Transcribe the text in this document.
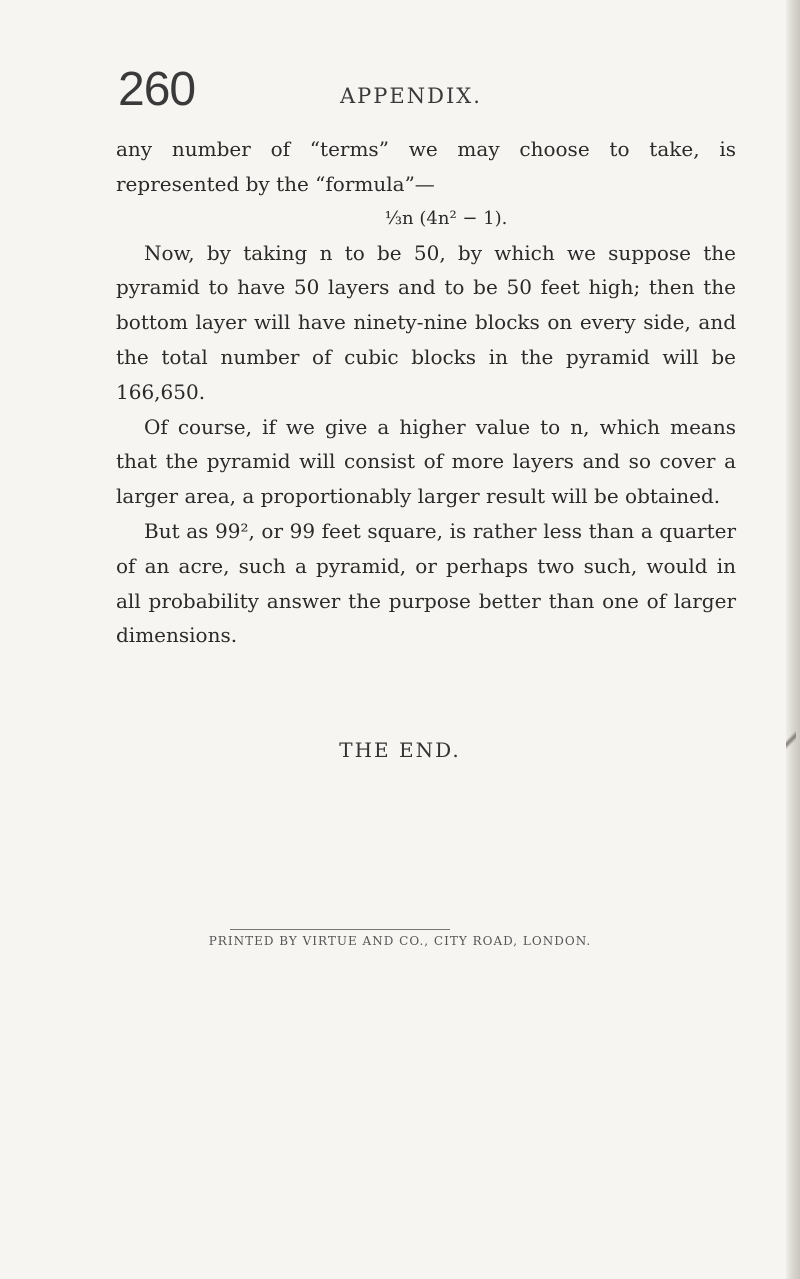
260	APPENDIX.

any number of “terms” we may choose to take, is represented by the “formula”—

⅓n (4n² − 1).

Now, by taking n to be 50, by which we suppose the pyramid to have 50 layers and to be 50 feet high; then the bottom layer will have ninety-nine blocks on every side, and the total number of cubic blocks in the pyramid will be 166,650.

Of course, if we give a higher value to n, which means that the pyramid will consist of more layers and so cover a larger area, a proportionably larger result will be obtained.

But as 99², or 99 feet square, is rather less than a quarter of an acre, such a pyramid, or perhaps two such, would in all probability answer the purpose better than one of larger dimensions.

THE END.
PRINTED BY VIRTUE AND CO., CITY ROAD, LONDON.
